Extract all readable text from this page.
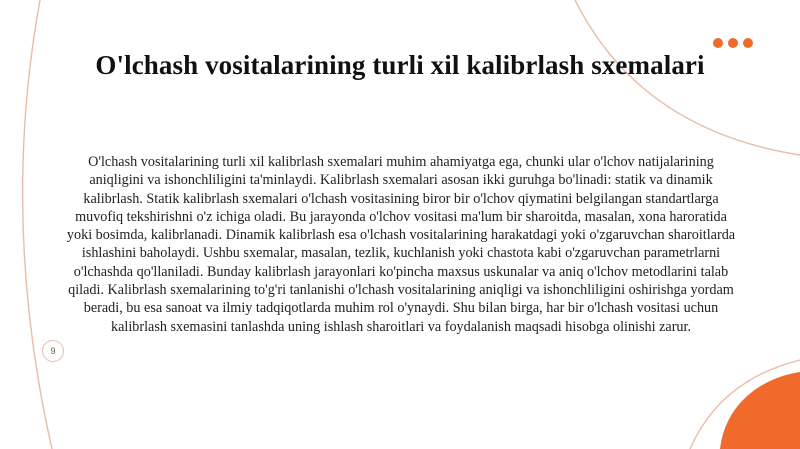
O'lchash vositalarining turli xil kalibrlash sxemalari
O'lchash vositalarining turli xil kalibrlash sxemalari muhim ahamiyatga ega, chunki ular o'lchov natijalarining aniqligini va ishonchliligini ta'minlaydi. Kalibrlash sxemalari asosan ikki guruhga bo'linadi: statik va dinamik kalibrlash. Statik kalibrlash sxemalari o'lchash vositasining biror bir o'lchov qiymatini belgilangan standartlarga muvofiq tekshirishni o'z ichiga oladi. Bu jarayonda o'lchov vositasi ma'lum bir sharoitda, masalan, xona haroratida yoki bosimda, kalibrlanadi. Dinamik kalibrlash esa o'lchash vositalarining harakatdagi yoki o'zgaruvchan sharoitlarda ishlashini baholaydi. Ushbu sxemalar, masalan, tezlik, kuchlanish yoki chastota kabi o'zgaruvchan parametrlarni o'lchashda qo'llaniladi. Bunday kalibrlash jarayonlari ko'pincha maxsus uskunalar va aniq o'lchov metodlarini talab qiladi. Kalibrlash sxemalarining to'g'ri tanlanishi o'lchash vositalarining aniqligi va ishonchliligini oshirishga yordam beradi, bu esa sanoat va ilmiy tadqiqotlarda muhim rol o'ynaydi. Shu bilan birga, har bir o'lchash vositasi uchun kalibrlash sxemasini tanlashda uning ishlash sharoitlari va foydalanish maqsadi hisobga olinishi zarur.
9
